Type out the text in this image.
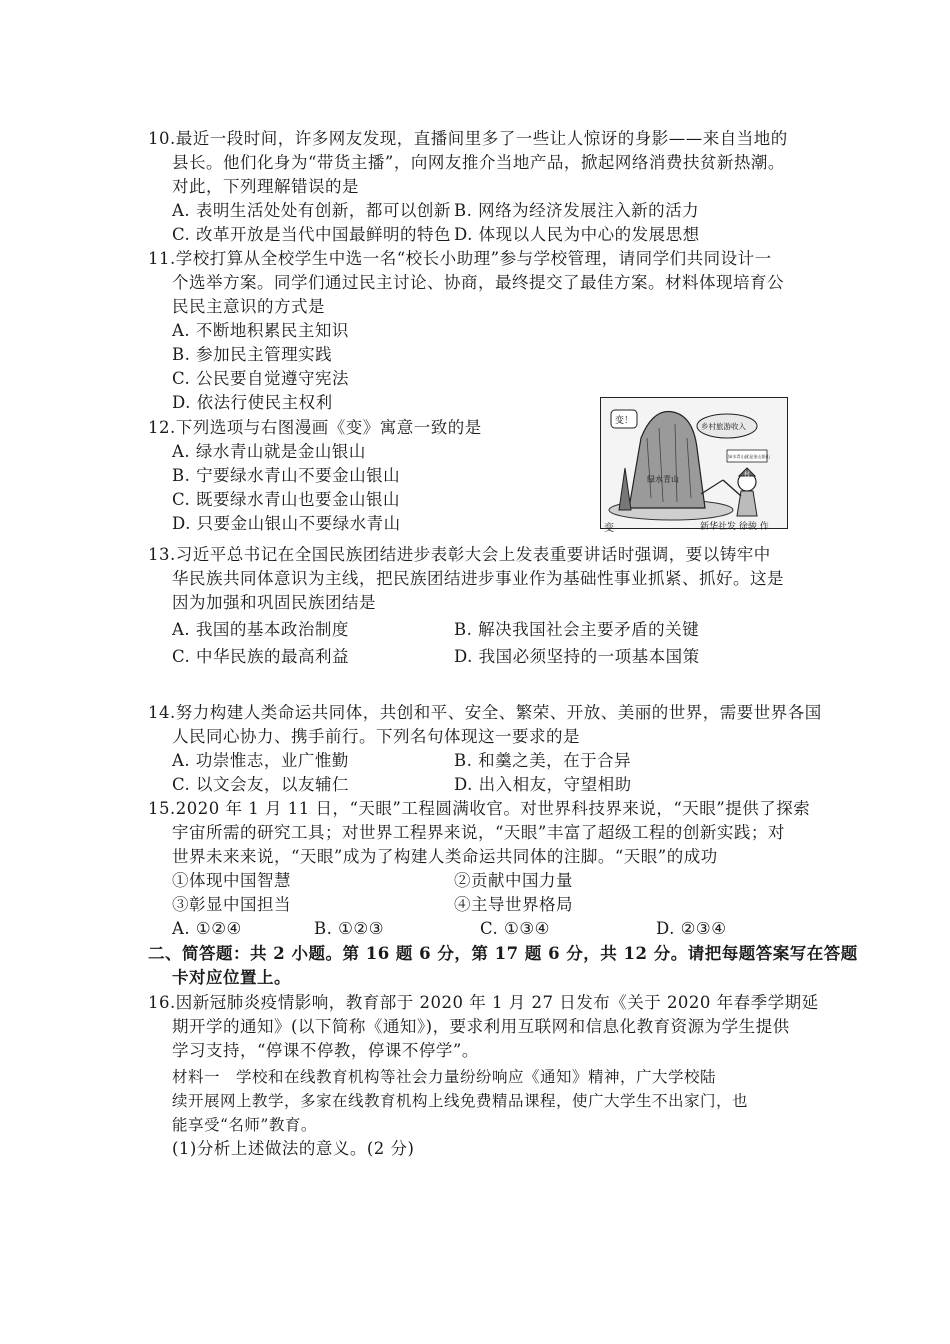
10.最近一段时间，许多网友发现，直播间里多了一些让人惊讶的身影——来自当地的
县长。他们化身为“带货主播”，向网友推介当地产品，掀起网络消费扶贫新热潮。
对此，下列理解错误的是
A. 表明生活处处有创新，都可以创新 B. 网络为经济发展注入新的活力
C. 改革开放是当代中国最鲜明的特色 D. 体现以人民为中心的发展思想
11.学校打算从全校学生中选一名“校长小助理”参与学校管理，请同学们共同设计一
个选举方案。同学们通过民主讨论、协商，最终提交了最佳方案。材料体现培育公
民民主意识的方式是
A. 不断地积累民主知识
B. 参加民主管理实践
C. 公民要自觉遵守宪法
D. 依法行使民主权利
12.下列选项与右图漫画《变》寓意一致的是
A. 绿水青山就是金山银山
B. 宁要绿水青山不要金山银山
C. 既要绿水青山也要金山银山
D. 只要金山银山不要绿水青山
变！
乡村旅游收入
绿水青山
村
绿水青山就是金山银山
变	新华社发 徐骏 作
13.习近平总书记在全国民族团结进步表彰大会上发表重要讲话时强调，要以铸牢中
华民族共同体意识为主线，把民族团结进步事业作为基础性事业抓紧、抓好。这是
因为加强和巩固民族团结是
A. 我国的基本政治制度	B. 解决我国社会主要矛盾的关键
C. 中华民族的最高利益	D. 我国必须坚持的一项基本国策
14.努力构建人类命运共同体，共创和平、安全、繁荣、开放、美丽的世界，需要世界各国
人民同心协力、携手前行。下列名句体现这一要求的是
A. 功崇惟志，业广惟勤	B. 和羹之美，在于合异
C. 以文会友，以友辅仁	D. 出入相友，守望相助
15.2020 年 1 月 11 日，“天眼”工程圆满收官。对世界科技界来说，“天眼”提供了探索
宇宙所需的研究工具；对世界工程界来说，“天眼”丰富了超级工程的创新实践；对
世界未来来说，“天眼”成为了构建人类命运共同体的注脚。“天眼”的成功
①体现中国智慧	②贡献中国力量
③彰显中国担当	④主导世界格局
A. ①②④	B. ①②③	C. ①③④	D. ②③④
二、简答题：共 2 小题。第 16 题 6 分，第 17 题 6 分，共 12 分。请把每题答案写在答题
卡对应位置上。
16.因新冠肺炎疫情影响，教育部于 2020 年 1 月 27 日发布《关于 2020 年春季学期延
期开学的通知》(以下简称《通知》)，要求利用互联网和信息化教育资源为学生提供
学习支持，“停课不停教，停课不停学”。
材料一　学校和在线教育机构等社会力量纷纷响应《通知》精神，广大学校陆
续开展网上教学，多家在线教育机构上线免费精品课程，使广大学生不出家门，也
能享受“名师”教育。
(1)分析上述做法的意义。(2 分)
